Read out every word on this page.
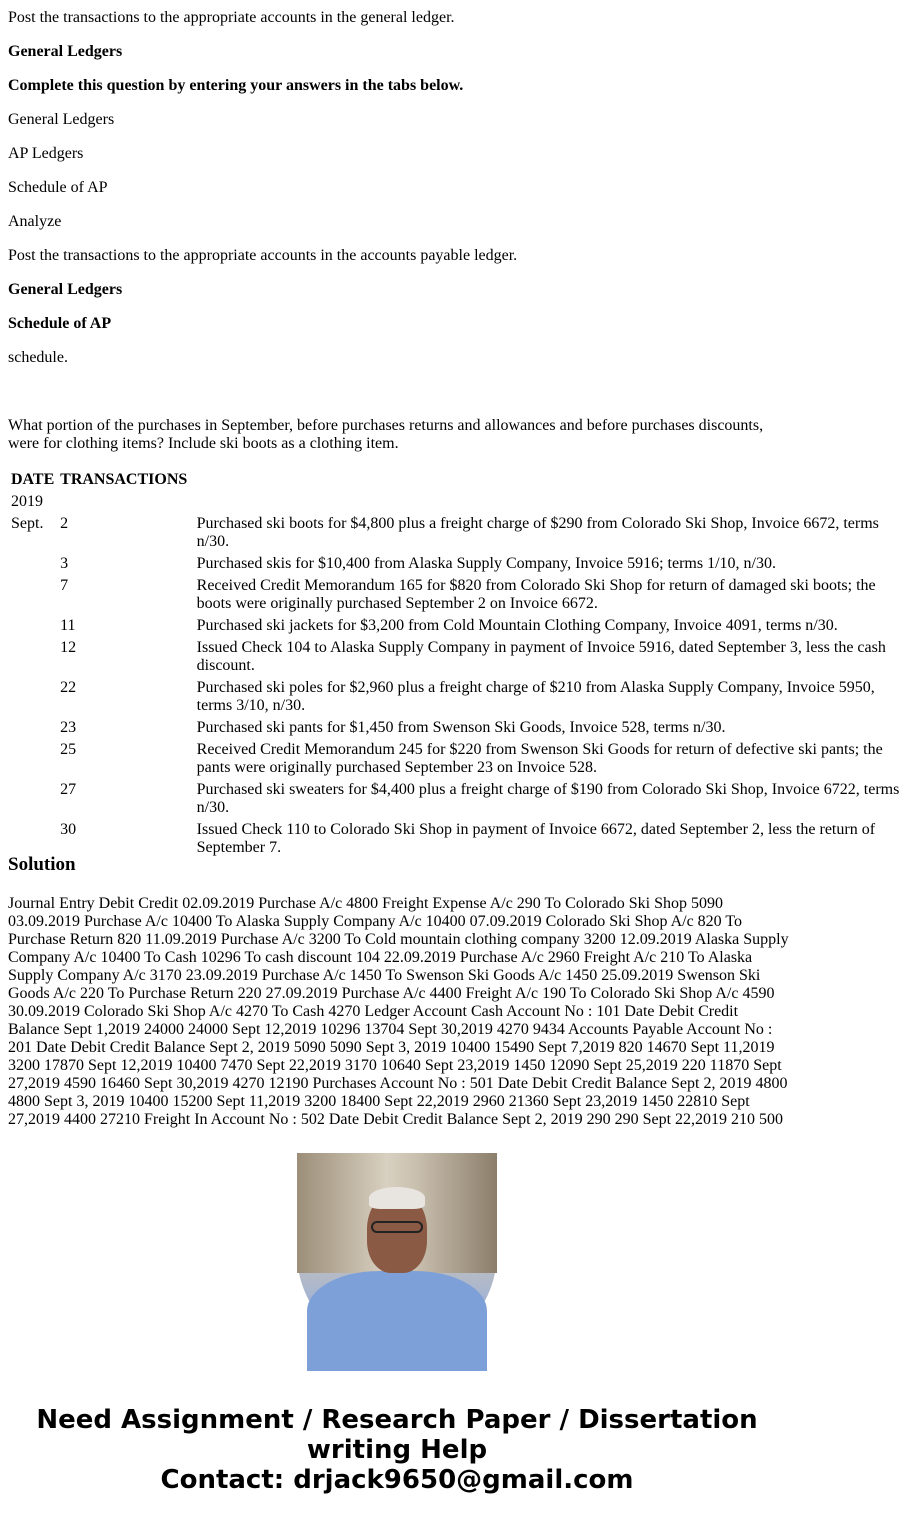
Post the transactions to the appropriate accounts in the general ledger.
General Ledgers
Complete this question by entering your answers in the tabs below.
General Ledgers
AP Ledgers
Schedule of AP
Analyze
Post the transactions to the appropriate accounts in the accounts payable ledger.
General Ledgers
Schedule of AP
schedule.
What portion of the purchases in September, before purchases returns and allowances and before purchases discounts, were for clothing items? Include ski boots as a clothing item.
DATE	TRANSACTIONS	
2019		
Sept.	2	Purchased ski boots for $4,800 plus a freight charge of $290 from Colorado Ski Shop, Invoice 6672, terms n/30.
	3	Purchased skis for $10,400 from Alaska Supply Company, Invoice 5916; terms 1/10, n/30.
	7	Received Credit Memorandum 165 for $820 from Colorado Ski Shop for return of damaged ski boots; the boots were originally purchased September 2 on Invoice 6672.
	11	Purchased ski jackets for $3,200 from Cold Mountain Clothing Company, Invoice 4091, terms n/30.
	12	Issued Check 104 to Alaska Supply Company in payment of Invoice 5916, dated September 3, less the cash discount.
	22	Purchased ski poles for $2,960 plus a freight charge of $210 from Alaska Supply Company, Invoice 5950, terms 3/10, n/30.
	23	Purchased ski pants for $1,450 from Swenson Ski Goods, Invoice 528, terms n/30.
	25	Received Credit Memorandum 245 for $220 from Swenson Ski Goods for return of defective ski pants; the pants were originally purchased September 23 on Invoice 528.
	27	Purchased ski sweaters for $4,400 plus a freight charge of $190 from Colorado Ski Shop, Invoice 6722, terms n/30.
	30	Issued Check 110 to Colorado Ski Shop in payment of Invoice 6672, dated September 2, less the return of September 7.
Solution
Journal Entry Debit Credit 02.09.2019 Purchase A/c 4800 Freight Expense A/c 290 To Colorado Ski Shop 5090 03.09.2019 Purchase A/c 10400 To Alaska Supply Company A/c 10400 07.09.2019 Colorado Ski Shop A/c 820 To Purchase Return 820 11.09.2019 Purchase A/c 3200 To Cold mountain clothing company 3200 12.09.2019 Alaska Supply Company A/c 10400 To Cash 10296 To cash discount 104 22.09.2019 Purchase A/c 2960 Freight A/c 210 To Alaska Supply Company A/c 3170 23.09.2019 Purchase A/c 1450 To Swenson Ski Goods A/c 1450 25.09.2019 Swenson Ski Goods A/c 220 To Purchase Return 220 27.09.2019 Purchase A/c 4400 Freight A/c 190 To Colorado Ski Shop A/c 4590 30.09.2019 Colorado Ski Shop A/c 4270 To Cash 4270 Ledger Account Cash Account No : 101 Date Debit Credit Balance Sept 1,2019 24000 24000 Sept 12,2019 10296 13704 Sept 30,2019 4270 9434 Accounts Payable Account No : 201 Date Debit Credit Balance Sept 2, 2019 5090 5090 Sept 3, 2019 10400 15490 Sept 7,2019 820 14670 Sept 11,2019 3200 17870 Sept 12,2019 10400 7470 Sept 22,2019 3170 10640 Sept 23,2019 1450 12090 Sept 25,2019 220 11870 Sept 27,2019 4590 16460 Sept 30,2019 4270 12190 Purchases Account No : 501 Date Debit Credit Balance Sept 2, 2019 4800 4800 Sept 3, 2019 10400 15200 Sept 11,2019 3200 18400 Sept 22,2019 2960 21360 Sept 23,2019 1450 22810 Sept 27,2019 4400 27210 Freight In Account No : 502 Date Debit Credit Balance Sept 2, 2019 290 290 Sept 22,2019 210 500
Need Assignment / Research Paper / Dissertation
writing Help
Contact: drjack9650@gmail.com
